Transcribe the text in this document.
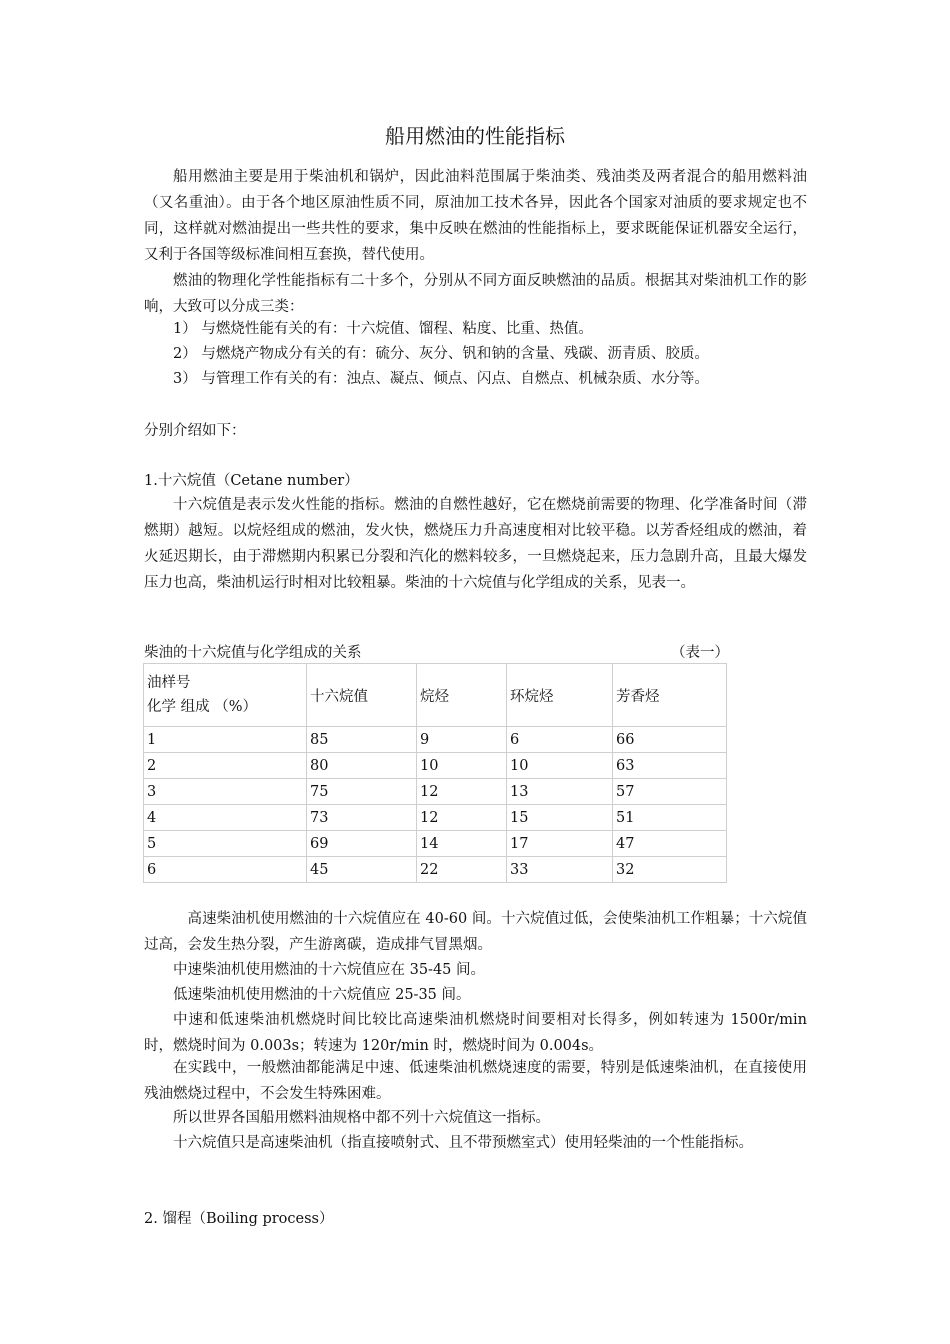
船用燃油的性能指标

船用燃油主要是用于柴油机和锅炉，因此油料范围属于柴油类、残油类及两者混合的船用燃料油（又名重油）。由于各个地区原油性质不同，原油加工技术各异，因此各个国家对油质的要求规定也不同，这样就对燃油提出一些共性的要求，集中反映在燃油的性能指标上，要求既能保证机器安全运行，又利于各国等级标准间相互套换，替代使用。

燃油的物理化学性能指标有二十多个，分别从不同方面反映燃油的品质。根据其对柴油机工作的影响，大致可以分成三类：

1） 与燃烧性能有关的有：十六烷值、馏程、粘度、比重、热值。

2） 与燃烧产物成分有关的有：硫分、灰分、钒和钠的含量、残碳、沥青质、胶质。

3） 与管理工作有关的有：浊点、凝点、倾点、闪点、自燃点、机械杂质、水分等。

分别介绍如下：

1.十六烷值（Cetane number）

十六烷值是表示发火性能的指标。燃油的自燃性越好，它在燃烧前需要的物理、化学准备时间（滞燃期）越短。以烷烃组成的燃油，发火快，燃烧压力升高速度相对比较平稳。以芳香烃组成的燃油，着火延迟期长，由于滞燃期内积累已分裂和汽化的燃料较多，一旦燃烧起来，压力急剧升高，且最大爆发压力也高，柴油机运行时相对比较粗暴。柴油的十六烷值与化学组成的关系，见表一。

柴油的十六烷值与化学组成的关系	（表一）
油样号
化学 组成 （%）	十六烷值	烷烃	环烷烃	芳香烃
1	85	9	6	66
2	80	10	10	63
3	75	12	13	57
4	73	12	15	51
5	69	14	17	47
6	45	22	33	32

高速柴油机使用燃油的十六烷值应在 40-60 间。十六烷值过低，会使柴油机工作粗暴；十六烷值过高，会发生热分裂，产生游离碳，造成排气冒黑烟。

中速柴油机使用燃油的十六烷值应在 35-45 间。

低速柴油机使用燃油的十六烷值应 25-35 间。

中速和低速柴油机燃烧时间比较比高速柴油机燃烧时间要相对长得多，例如转速为 1500r/min 时，燃烧时间为 0.003s；转速为 120r/min 时，燃烧时间为 0.004s。

在实践中，一般燃油都能满足中速、低速柴油机燃烧速度的需要，特别是低速柴油机，在直接使用残油燃烧过程中，不会发生特殊困难。

所以世界各国船用燃料油规格中都不列十六烷值这一指标。

十六烷值只是高速柴油机（指直接喷射式、且不带预燃室式）使用轻柴油的一个性能指标。

2. 馏程（Boiling process）
